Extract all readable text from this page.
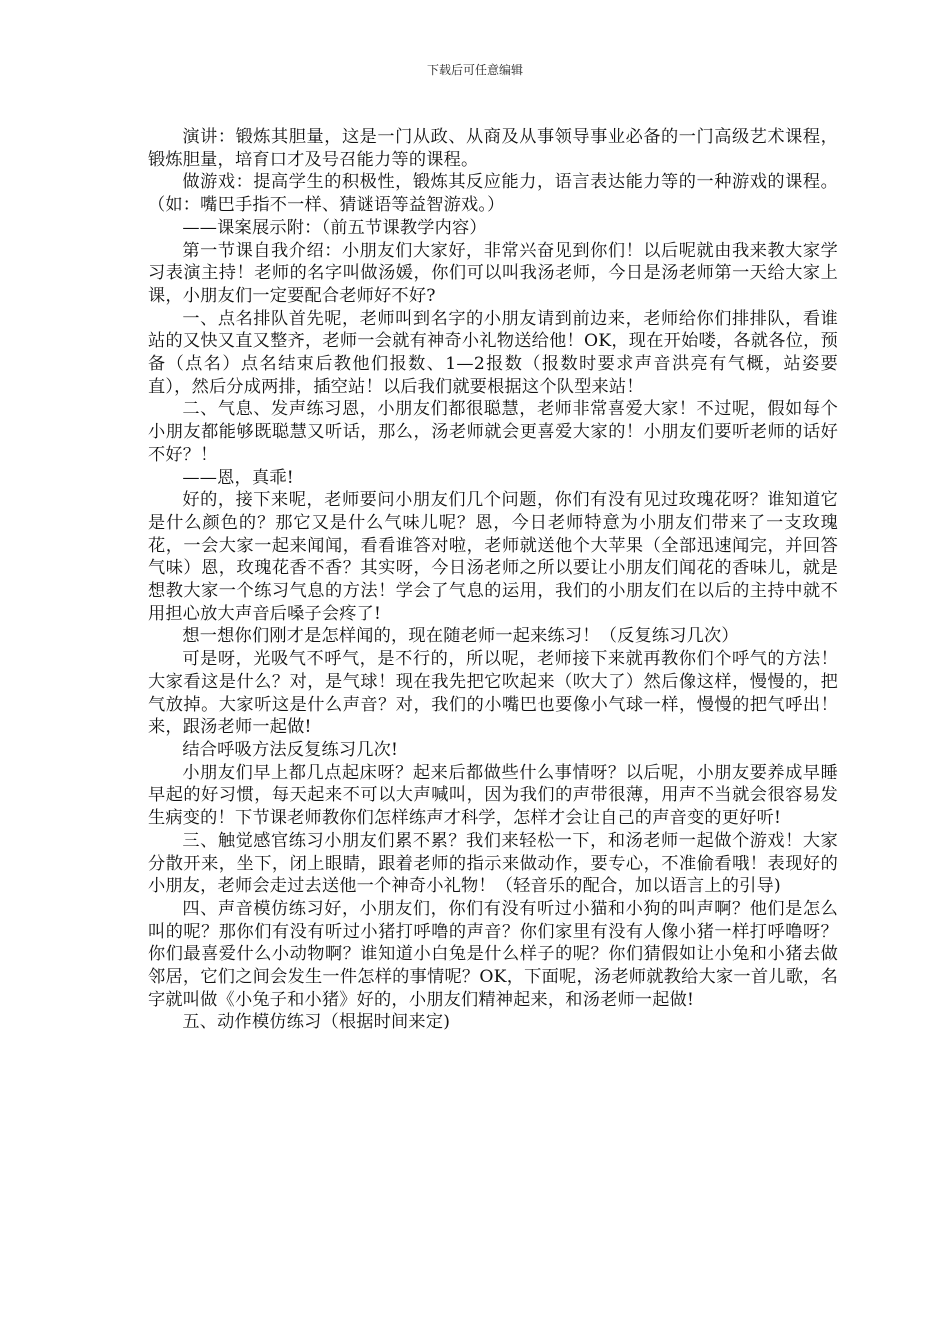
下载后可任意编辑

演讲：锻炼其胆量，这是一门从政、从商及从事领导事业必备的一门高级艺术课程，锻炼胆量，培育口才及号召能力等的课程。

做游戏：提高学生的积极性，锻炼其反应能力，语言表达能力等的一种游戏的课程。（如：嘴巴手指不一样、猜谜语等益智游戏。）

——课案展示附：（前五节课教学内容）

第一节课自我介绍：小朋友们大家好，非常兴奋见到你们！以后呢就由我来教大家学习表演主持！老师的名字叫做汤媛，你们可以叫我汤老师，今日是汤老师第一天给大家上课，小朋友们一定要配合老师好不好?

一、点名排队首先呢，老师叫到名字的小朋友请到前边来，老师给你们排排队，看谁站的又快又直又整齐，老师一会就有神奇小礼物送给他！OK，现在开始喽，各就各位，预备（点名）点名结束后教他们报数、1—2报数（报数时要求声音洪亮有气概，站姿要直），然后分成两排，插空站！以后我们就要根据这个队型来站！

二、气息、发声练习恩，小朋友们都很聪慧，老师非常喜爱大家！不过呢，假如每个小朋友都能够既聪慧又听话，那么，汤老师就会更喜爱大家的！小朋友们要听老师的话好不好？！

——恩，真乖!

好的，接下来呢，老师要问小朋友们几个问题，你们有没有见过玫瑰花呀？谁知道它是什么颜色的？那它又是什么气味儿呢？恩，今日老师特意为小朋友们带来了一支玫瑰花，一会大家一起来闻闻，看看谁答对啦，老师就送他个大苹果（全部迅速闻完，并回答气味）恩，玫瑰花香不香？其实呀，今日汤老师之所以要让小朋友们闻花的香味儿，就是想教大家一个练习气息的方法！学会了气息的运用，我们的小朋友们在以后的主持中就不用担心放大声音后嗓子会疼了!

想一想你们刚才是怎样闻的，现在随老师一起来练习！（反复练习几次）

可是呀，光吸气不呼气，是不行的，所以呢，老师接下来就再教你们个呼气的方法！大家看这是什么？对，是气球！现在我先把它吹起来（吹大了）然后像这样，慢慢的，把气放掉。大家听这是什么声音？对，我们的小嘴巴也要像小气球一样，慢慢的把气呼出！来，跟汤老师一起做!

结合呼吸方法反复练习几次!

小朋友们早上都几点起床呀？起来后都做些什么事情呀？以后呢，小朋友要养成早睡早起的好习惯，每天起来不可以大声喊叫，因为我们的声带很薄，用声不当就会很容易发生病变的！下节课老师教你们怎样练声才科学，怎样才会让自己的声音变的更好听!

三、触觉感官练习小朋友们累不累？我们来轻松一下，和汤老师一起做个游戏！大家分散开来，坐下，闭上眼睛，跟着老师的指示来做动作，要专心，不准偷看哦！表现好的小朋友，老师会走过去送他一个神奇小礼物！（轻音乐的配合，加以语言上的引导)

四、声音模仿练习好，小朋友们，你们有没有听过小猫和小狗的叫声啊？他们是怎么叫的呢？那你们有没有听过小猪打呼噜的声音？你们家里有没有人像小猪一样打呼噜呀？你们最喜爱什么小动物啊？谁知道小白兔是什么样子的呢？你们猜假如让小兔和小猪去做邻居，它们之间会发生一件怎样的事情呢？OK，下面呢，汤老师就教给大家一首儿歌，名字就叫做《小兔子和小猪》好的，小朋友们精神起来，和汤老师一起做!

五、动作模仿练习（根据时间来定)
